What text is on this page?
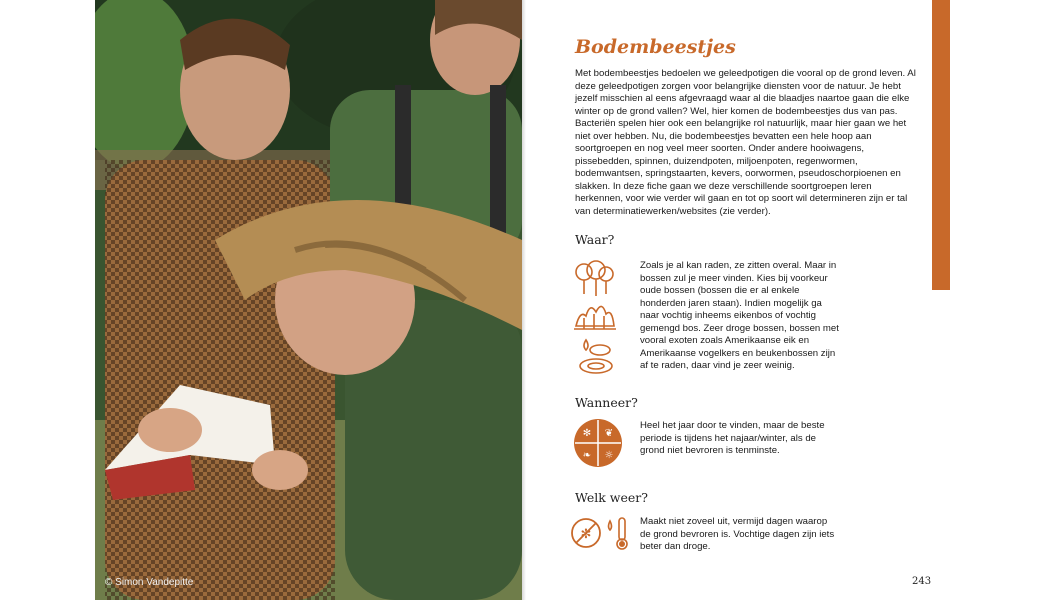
© Simon Vandepitte
Bodembeestjes

Met bodembeestjes bedoelen we geleedpotigen die vooral op de grond leven. Al deze geleedpotigen zorgen voor belangrijke diensten voor de natuur. Je hebt jezelf misschien al eens afgevraagd waar al die blaadjes naartoe gaan die elke winter op de grond vallen? Wel, hier komen de bodembeestjes dus van pas. Bacteriën spelen hier ook een belangrijke rol natuurlijk, maar hier gaan we het niet over hebben. Nu, die bodembeestjes bevatten een hele hoop aan soortgroepen en nog veel meer soorten. Onder andere hooiwagens, pissebedden, spinnen, duizendpoten, miljoenpoten, regenwormen, bodemwantsen, springstaarten, kevers, oorwormen, pseudoschorpioenen en slakken. In deze fiche gaan we deze verschillende soortgroepen leren herkennen, voor wie verder wil gaan en tot op soort wil determineren zijn er tal van determinatiewerken/websites (zie verder).

Waar?
Zoals je al kan raden, ze zitten overal. Maar in bossen zul je meer vinden. Kies bij voorkeur oude bossen (bossen die er al enkele honderden jaren staan). Indien mogelijk ga naar vochtig inheems eikenbos of vochtig gemengd bos. Zeer droge bossen, bossen met vooral exoten zoals Amerikaanse eik en Amerikaanse vogelkers en beukenbossen zijn af te raden, daar vind je zeer weinig.
Wanneer?
✻ ❦
❧ ☼
Heel het jaar door te vinden, maar de beste periode is tijdens het najaar/winter, als de grond niet bevroren is tenminste.
Welk weer?
✻
Maakt niet zoveel uit, vermijd dagen waarop de grond bevroren is. Vochtige dagen zijn iets beter dan droge.
243
